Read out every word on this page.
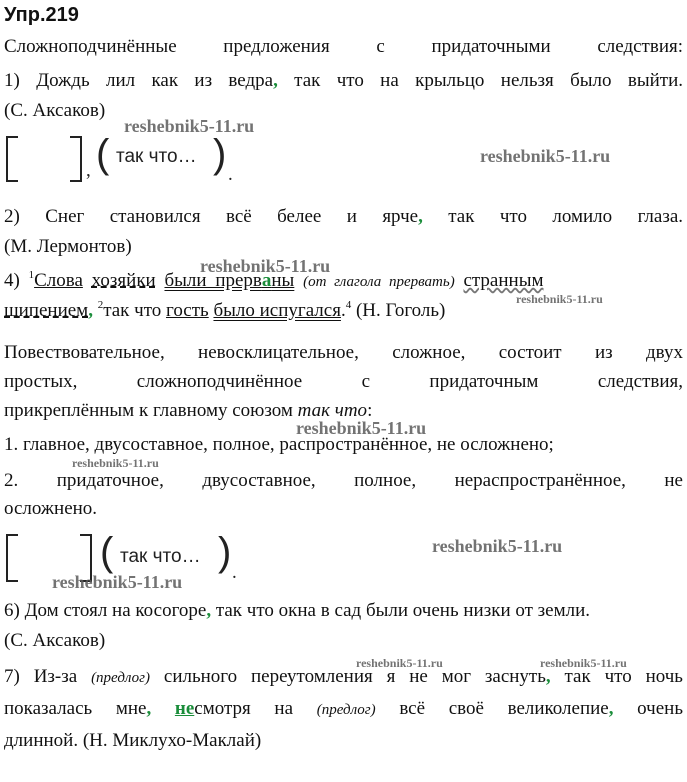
Упр.219
Сложноподчинённые предложения с придаточными следствия:
1) Дождь лил как из ведра, так что на крыльцо нельзя было выйти.
(С. Аксаков)
, ( так что… ) .
2) Снег становился всё белее и ярче, так что ломило глаза.
(М. Лермонтов)
4) $^1$Слова хозяйки были прерваны (от глагола прервать) странным
шипением, $^2$так что гость было испугался.$^4$ (Н. Гоголь)
Повествовательное, невосклицательное, сложное, состоит из двух
простых, сложноподчинённое с придаточным следствия,
прикреплённым к главному союзом так что:
1. главное, двусоставное, полное, распространённое, не осложнено;
2. придаточное, двусоставное, полное, нераспространённое, не
осложнено.
( так что… ) .
6) Дом стоял на косогоре, так что окна в сад были очень низки от земли.
(С. Аксаков)
7) Из-за (предлог) сильного переутомления я не мог заснуть, так что ночь
показалась мне, несмотря на (предлог) всё своё великолепие, очень
длинной. (Н. Миклухо-Маклай)
reshebnik5-11.ru
reshebnik5-11.ru
reshebnik5-11.ru
reshebnik5-11.ru
reshebnik5-11.ru
reshebnik5-11.ru
reshebnik5-11.ru
reshebnik5-11.ru
reshebnik5-11.ru	reshebnik5-11.ru
